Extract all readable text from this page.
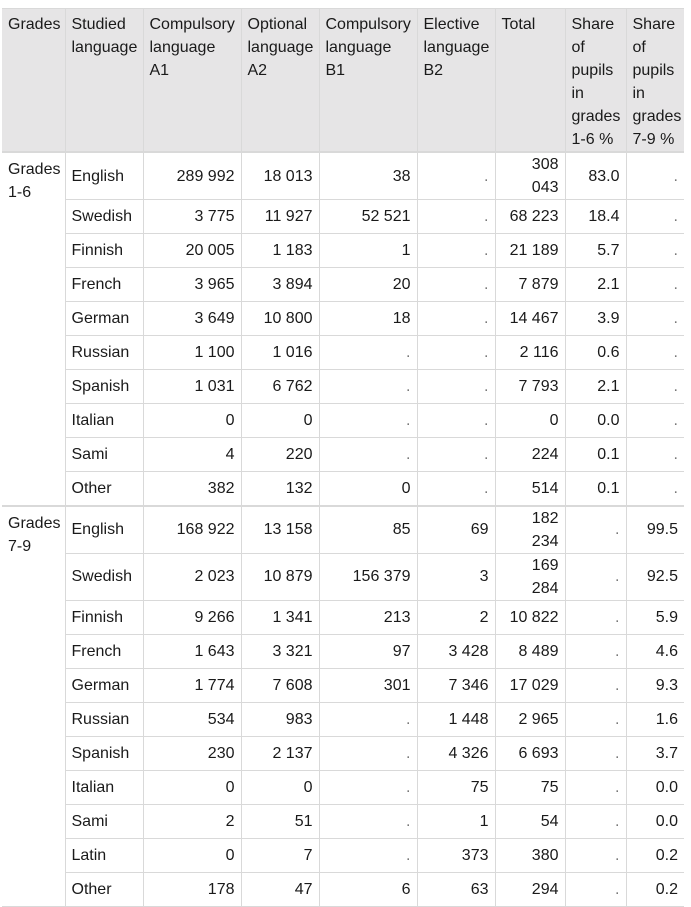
Grades	Studied language	Compulsory language A1	Optional language A2	Compulsory language B1	Elective language B2	Total	Share of pupils in grades 1-6 %	Share of pupils in grades 7-9 %
Grades 1-6	English	289 992	18 013	38	.	308 043	83.0	.
	Swedish	3 775	11 927	52 521	.	68 223	18.4	.
	Finnish	20 005	1 183	1	.	21 189	5.7	.
	French	3 965	3 894	20	.	7 879	2.1	.
	German	3 649	10 800	18	.	14 467	3.9	.
	Russian	1 100	1 016	.	.	2 116	0.6	.
	Spanish	1 031	6 762	.	.	7 793	2.1	.
	Italian	0	0	.	.	0	0.0	.
	Sami	4	220	.	.	224	0.1	.
	Other	382	132	0	.	514	0.1	.
Grades 7-9	English	168 922	13 158	85	69	182 234	.	99.5
	Swedish	2 023	10 879	156 379	3	169 284	.	92.5
	Finnish	9 266	1 341	213	2	10 822	.	5.9
	French	1 643	3 321	97	3 428	8 489	.	4.6
	German	1 774	7 608	301	7 346	17 029	.	9.3
	Russian	534	983	.	1 448	2 965	.	1.6
	Spanish	230	2 137	.	4 326	6 693	.	3.7
	Italian	0	0	.	75	75	.	0.0
	Sami	2	51	.	1	54	.	0.0
	Latin	0	7	.	373	380	.	0.2
	Other	178	47	6	63	294	.	0.2
